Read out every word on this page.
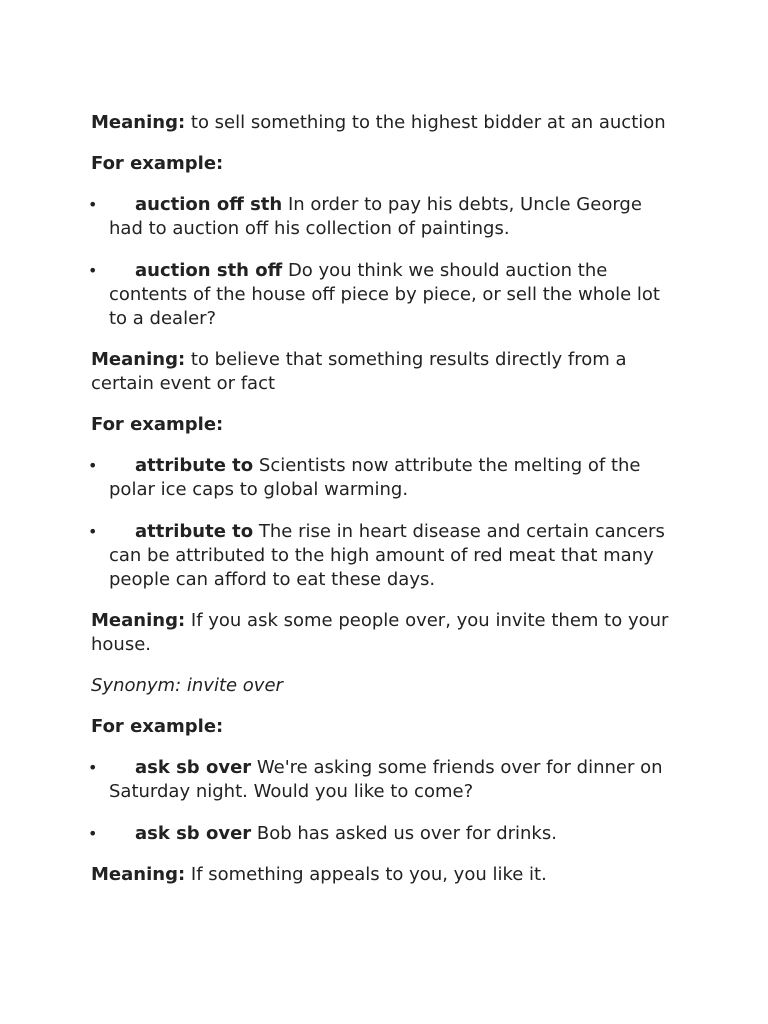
Meaning: to sell something to the highest bidder at an auction

For example:

• auction off sth In order to pay his debts, Uncle George had to auction off his collection of paintings.
• auction sth off Do you think we should auction the contents of the house off piece by piece, or sell the whole lot to a dealer?

Meaning: to believe that something results directly from a certain event or fact

For example:

• attribute to Scientists now attribute the melting of the polar ice caps to global warming.
• attribute to The rise in heart disease and certain cancers can be attributed to the high amount of red meat that many people can afford to eat these days.

Meaning: If you ask some people over, you invite them to your house.

Synonym: invite over

For example:

• ask sb over We're asking some friends over for dinner on Saturday night. Would you like to come?
• ask sb over Bob has asked us over for drinks.

Meaning: If something appeals to you, you like it.
